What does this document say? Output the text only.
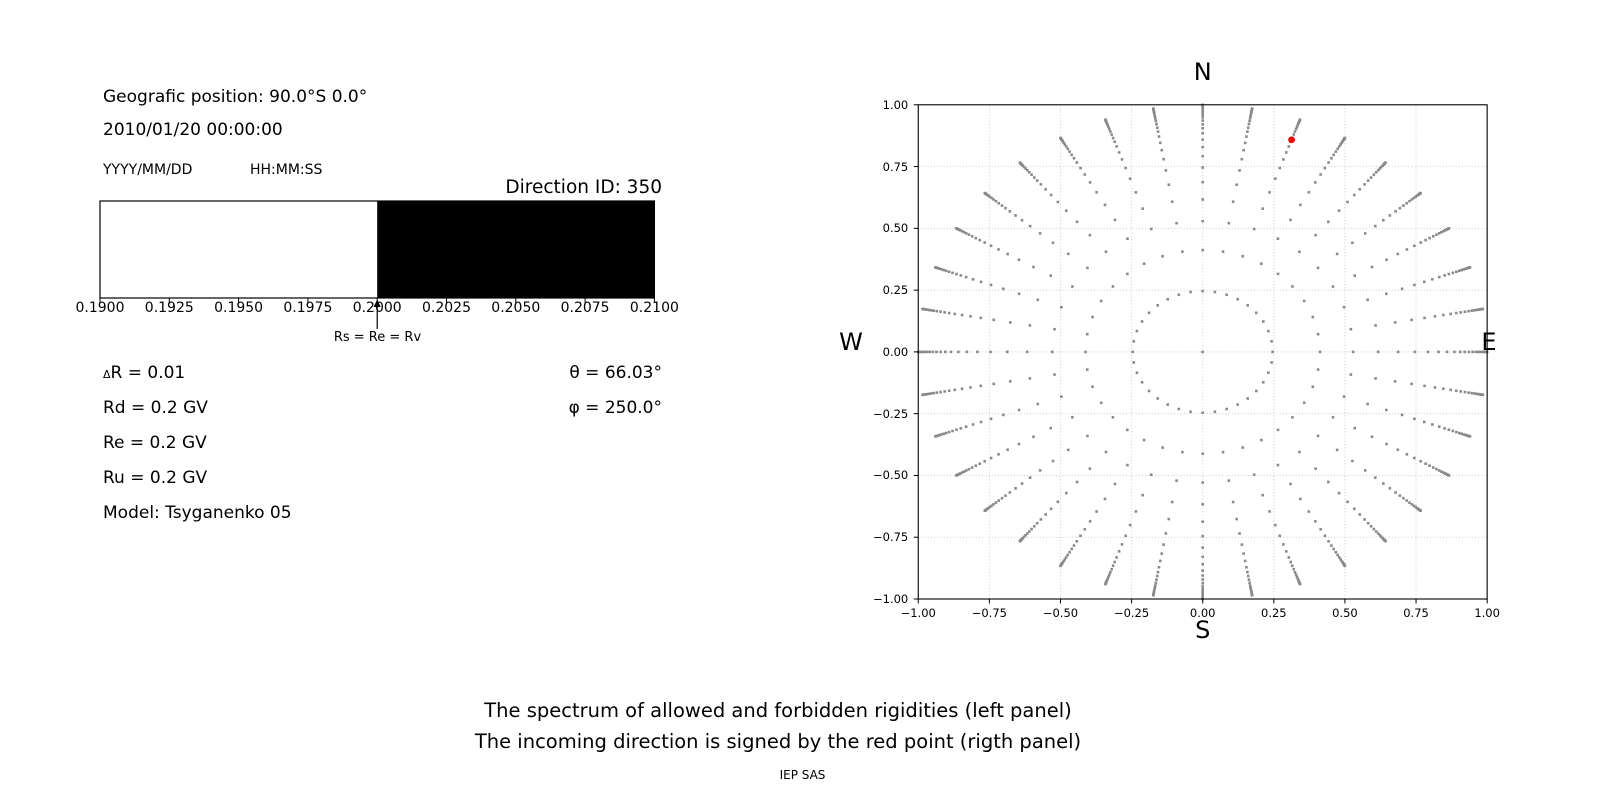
Geografic position: 90.0°S 0.0°
2010/01/20 00:00:00
YYYY/MM/DD	HH:MM:SS
Direction ID: 350
Rs = Re = Rv
ΔR = 0.01
Rd = 0.2 GV
Re = 0.2 GV
Ru = 0.2 GV
Model: Tsyganenko 05
θ = 66.03°
φ = 250.0°
N
S
W	E
The spectrum of allowed and forbidden rigidities (left panel)
The incoming direction is signed by the red point (rigth panel)
IEP SAS
0.1900	0.1925	0.1950	0.1975	0.2000	0.2025	0.2050	0.2075	0.2100
−1.00
−1.00
−0.75
−0.75
−0.50
−0.50
−0.25
−0.25
0.00
0.00
0.25
0.25
0.50
0.50
0.75
0.75
1.00
1.00
